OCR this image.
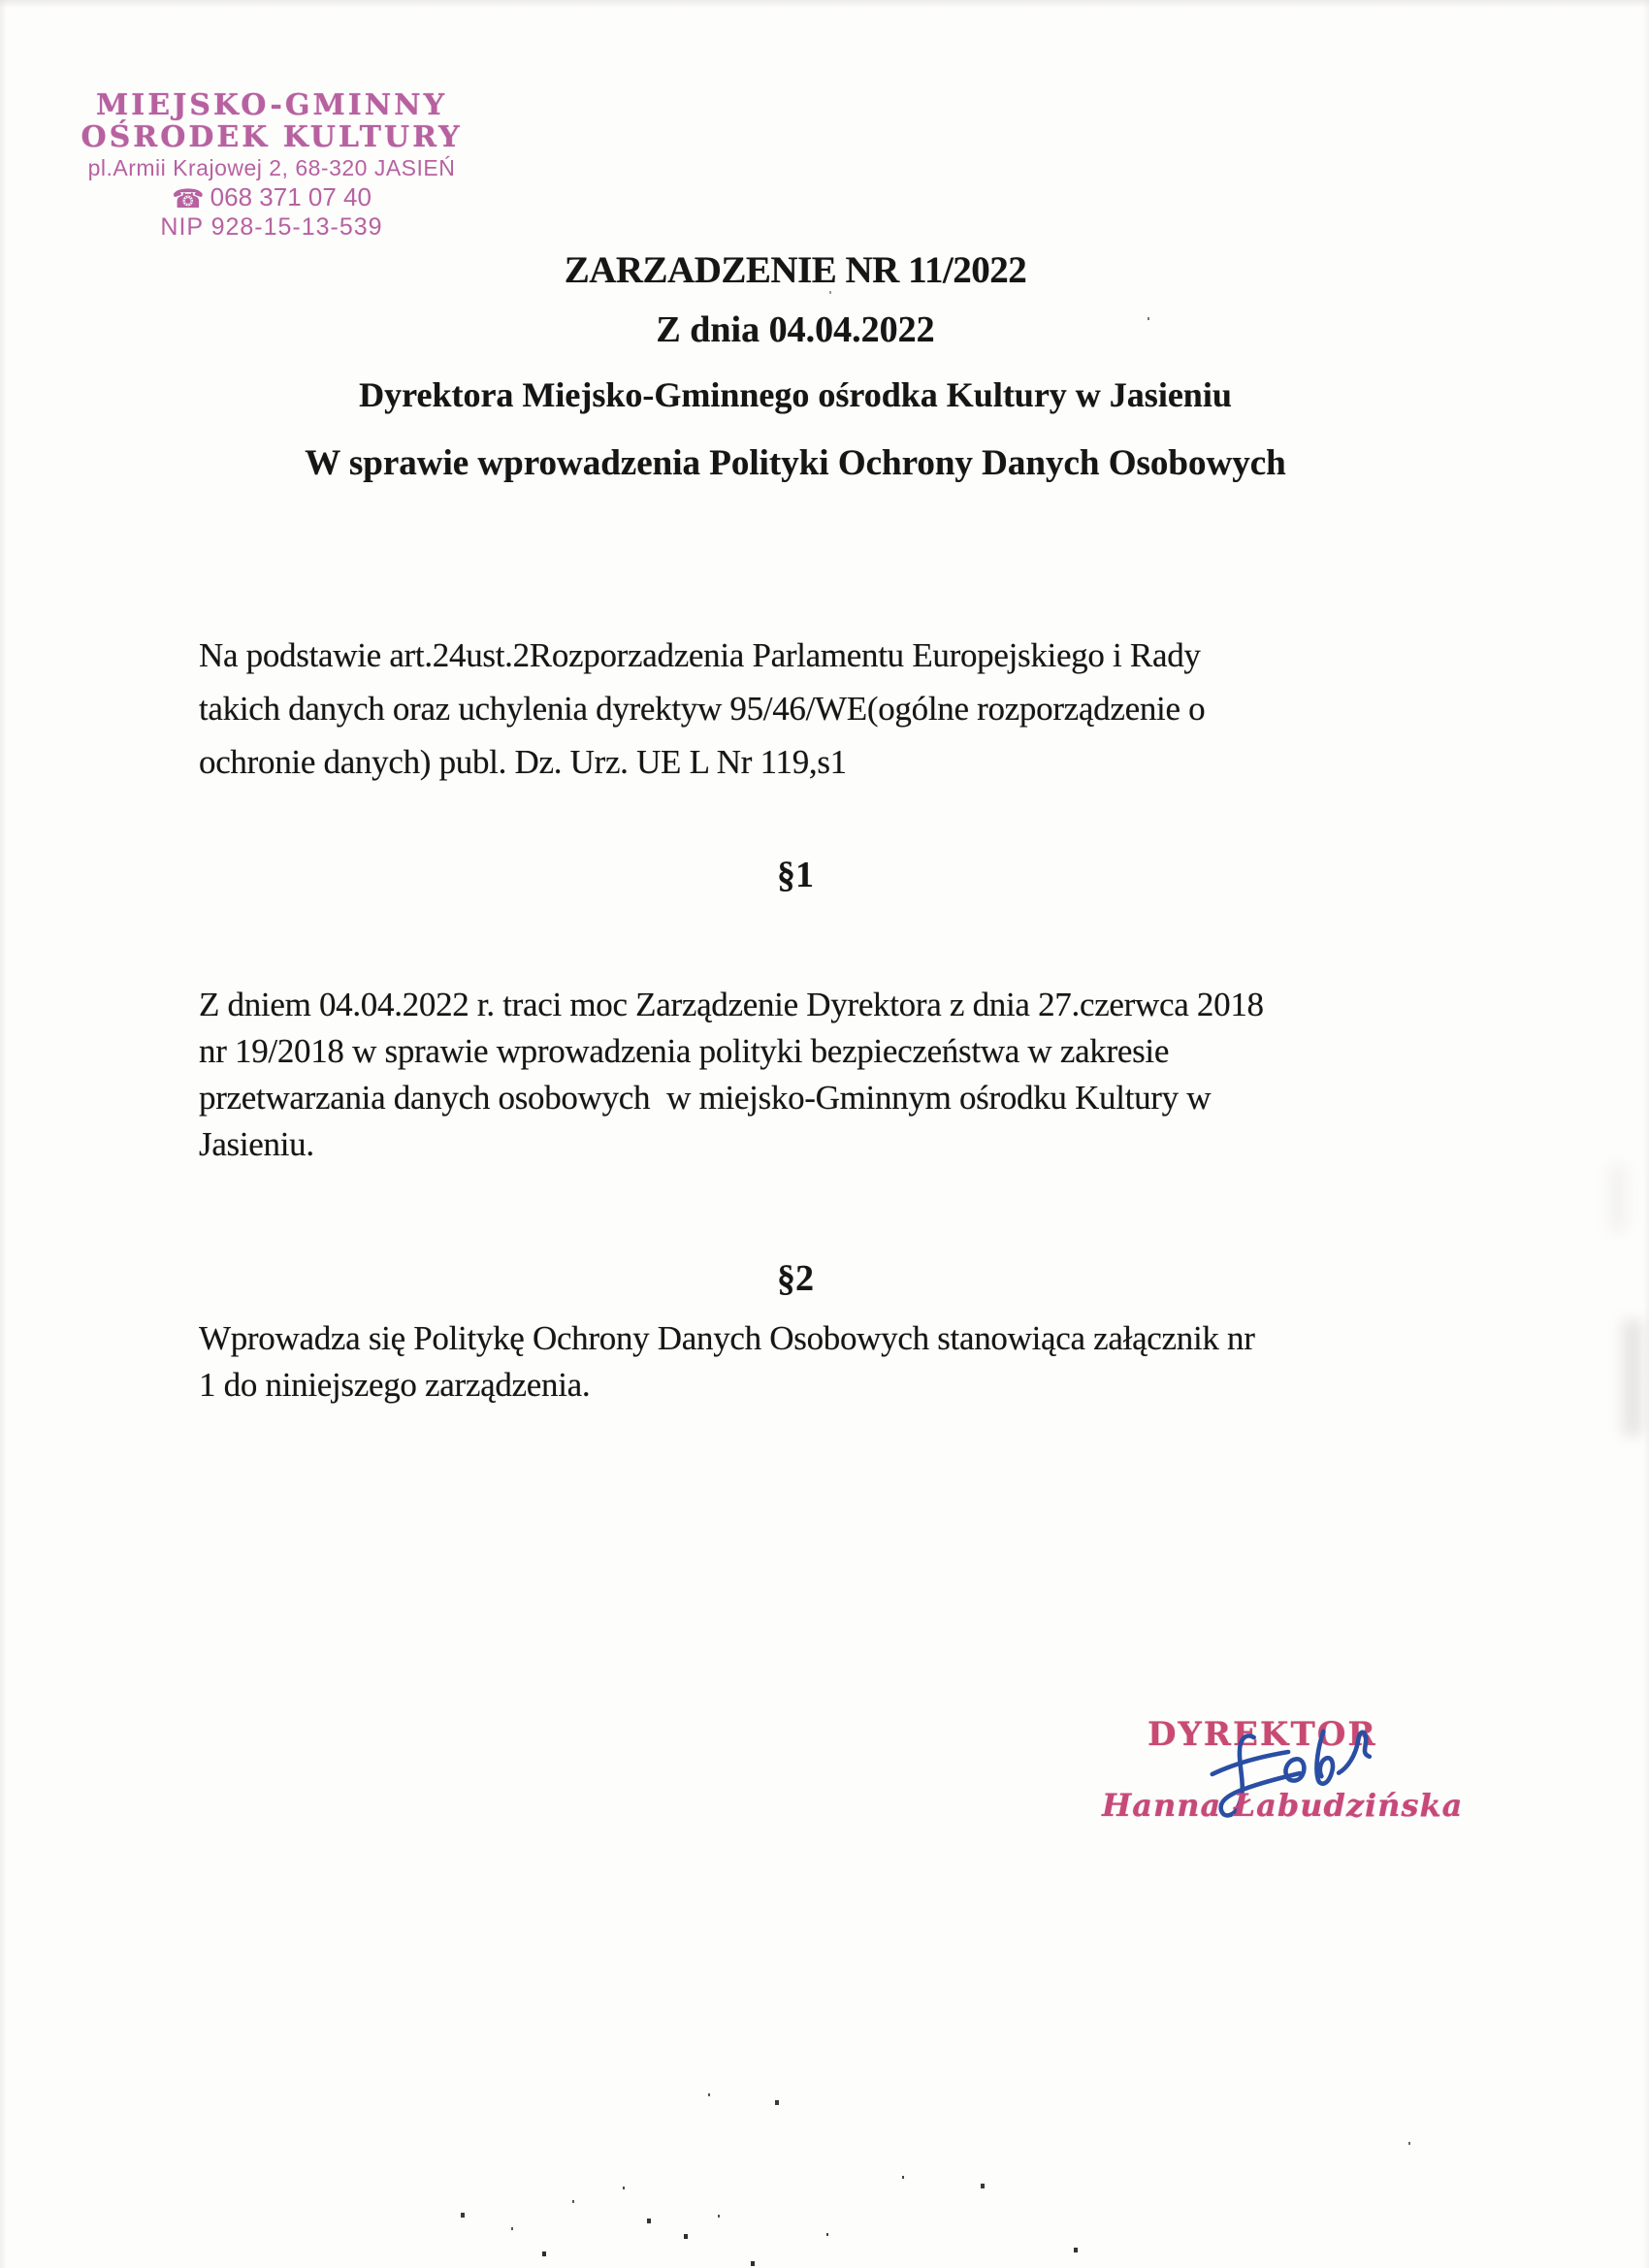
MIEJSKO-GMINNY
OŚRODEK KULTURY
pl.Armii Krajowej 2, 68-320 JASIEŃ
☎ 068 371 07 40
NIP 928-15-13-539
ZARZADZENIE NR 11/2022
Z dnia 04.04.2022
Dyrektora Miejsko-Gminnego ośrodka Kultury w Jasieniu
W sprawie wprowadzenia Polityki Ochrony Danych Osobowych
Na podstawie art.24ust.2Rozporzadzenia Parlamentu Europejskiego i Rady
takich danych oraz uchylenia dyrektyw 95/46/WE(ogólne rozporządzenie o
ochronie danych) publ. Dz. Urz. UE L Nr 119,s1
§1
Z dniem 04.04.2022 r. traci moc Zarządzenie Dyrektora z dnia 27.czerwca 2018
nr 19/2018 w sprawie wprowadzenia polityki bezpieczeństwa w zakresie
przetwarzania danych osobowych  w miejsko-Gminnym ośrodku Kultury w
Jasieniu.
§2
Wprowadza się Politykę Ochrony Danych Osobowych stanowiąca załącznik nr
1 do niniejszego zarządzenia.
DYREKTOR
Hanna Łabudzińska
